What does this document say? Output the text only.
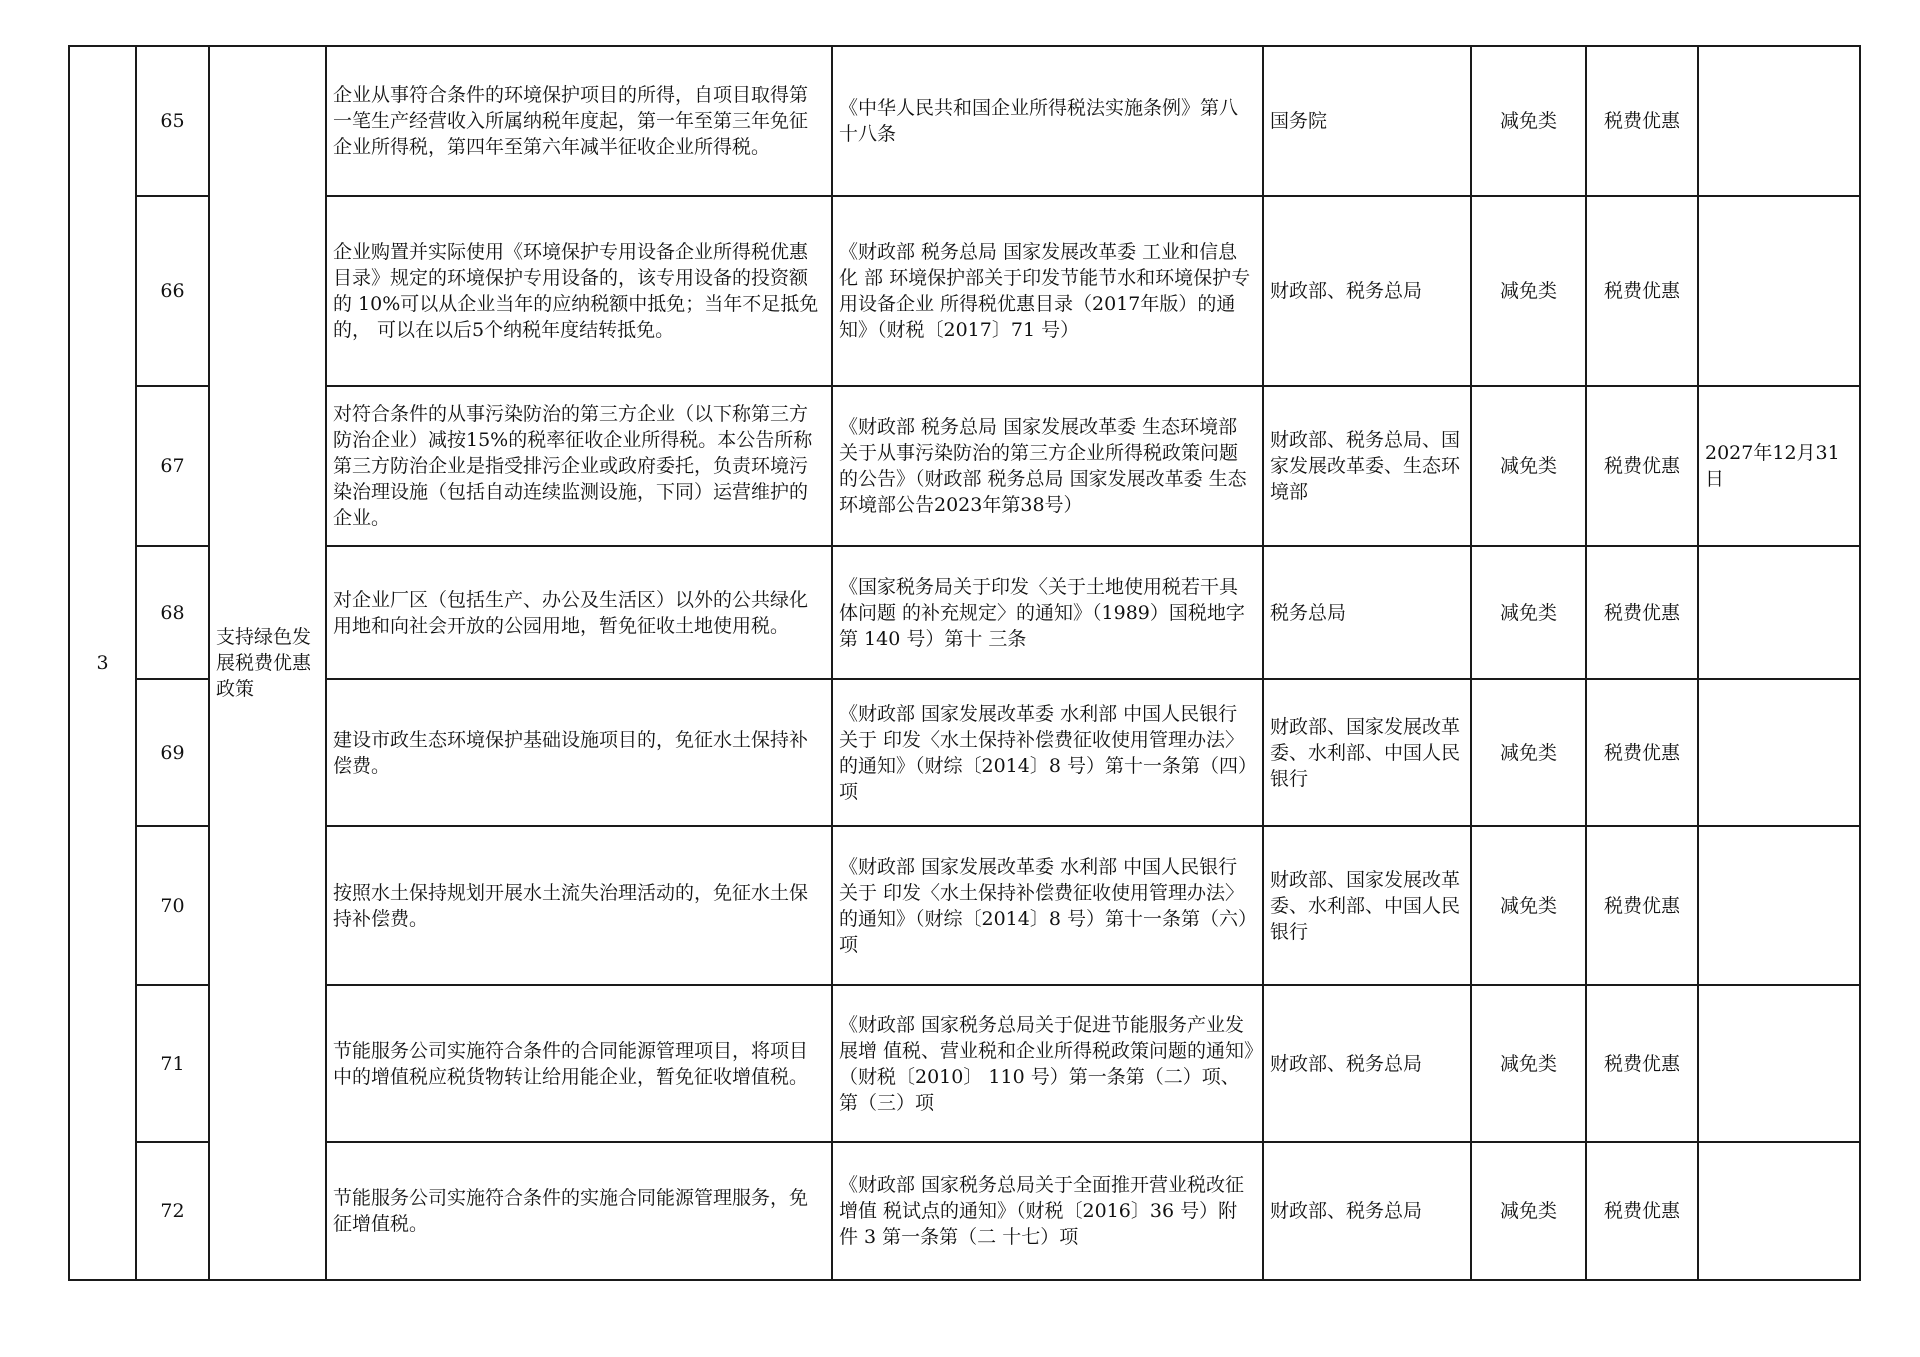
3	65	支持绿色发展税费优惠政策	企业从事符合条件的环境保护项目的所得，自项目取得第一笔生产经营收入所属纳税年度起，第一年至第三年免征 企业所得税，第四年至第六年减半征收企业所得税。	《中华人民共和国企业所得税法实施条例》第八十八条	国务院	减免类	税费优惠	
	66		企业购置并实际使用《环境保护专用设备企业所得税优惠目录》规定的环境保护专用设备的，该专用设备的投资额 的 10%可以从企业当年的应纳税额中抵免；当年不足抵免的， 可以在以后5个纳税年度结转抵免。	《财政部 税务总局 国家发展改革委 工业和信息化 部 环境保护部关于印发节能节水和环境保护专用设备企业 所得税优惠目录（2017年版）的通知》（财税〔2017〕71 号）	财政部、税务总局	减免类	税费优惠	
	67		对符合条件的从事污染防治的第三方企业（以下称第三方防治企业）减按15%的税率征收企业所得税。本公告所称第三方防治企业是指受排污企业或政府委托，负责环境污染治理设施（包括自动连续监测设施，下同）运营维护的企业。	《财政部 税务总局 国家发展改革委 生态环境部关于从事污染防治的第三方企业所得税政策问题的公告》（财政部 税务总局 国家发展改革委 生态环境部公告2023年第38号）	财政部、税务总局、国家发展改革委、生态环境部	减免类	税费优惠	2027年12月31日
	68		对企业厂区（包括生产、办公及生活区）以外的公共绿化用地和向社会开放的公园用地，暂免征收土地使用税。	《国家税务局关于印发〈关于土地使用税若干具体问题 的补充规定〉的通知》（1989）国税地字第 140 号）第十 三条	税务总局	减免类	税费优惠	
	69		建设市政生态环境保护基础设施项目的，免征水土保持补偿费。	《财政部 国家发展改革委 水利部 中国人民银行关于 印发〈水土保持补偿费征收使用管理办法〉的通知》（财综〔2014〕8 号）第十一条第（四）项	财政部、国家发展改革委、水利部、中国人民银行	减免类	税费优惠	
	70		按照水土保持规划开展水土流失治理活动的，免征水土保持补偿费。	《财政部 国家发展改革委 水利部 中国人民银行关于 印发〈水土保持补偿费征收使用管理办法〉的通知》（财综〔2014〕8 号）第十一条第（六）项	财政部、国家发展改革委、水利部、中国人民银行	减免类	税费优惠	
	71		节能服务公司实施符合条件的合同能源管理项目，将项目中的增值税应税货物转让给用能企业，暂免征收增值税。	《财政部 国家税务总局关于促进节能服务产业发展增 值税、营业税和企业所得税政策问题的通知》（财税〔2010〕 110 号）第一条第（二）项、第（三）项	财政部、税务总局	减免类	税费优惠	
	72		节能服务公司实施符合条件的实施合同能源管理服务，免征增值税。	《财政部 国家税务总局关于全面推开营业税改征增值 税试点的通知》（财税〔2016〕36 号）附件 3 第一条第（二 十七）项	财政部、税务总局	减免类	税费优惠	
